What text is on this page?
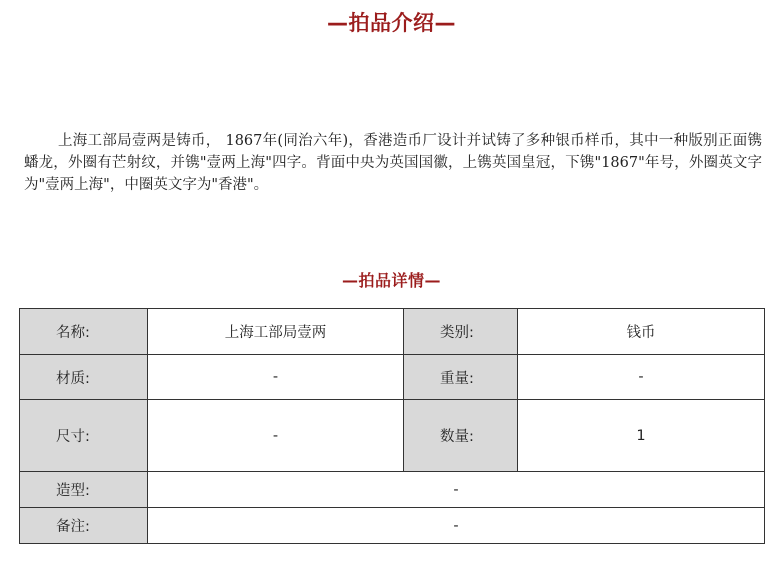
—拍品介绍—

上海工部局壹两是铸币， 1867年(同治六年)，香港造币厂设计并试铸了多种银币样币，其中一种版别正面镌蟠龙，外圈有芒射纹，并镌"壹两上海"四字。背面中央为英国国徽，上镌英国皇冠，下镌"1867"年号，外圈英文字为"壹两上海"，中圈英文字为"香港"。

—拍品详情—
名称:	上海工部局壹两	类别:	钱币
材质:	-	重量:	-
尺寸:	-	数量:	1
造型:	-		
备注:	-		
